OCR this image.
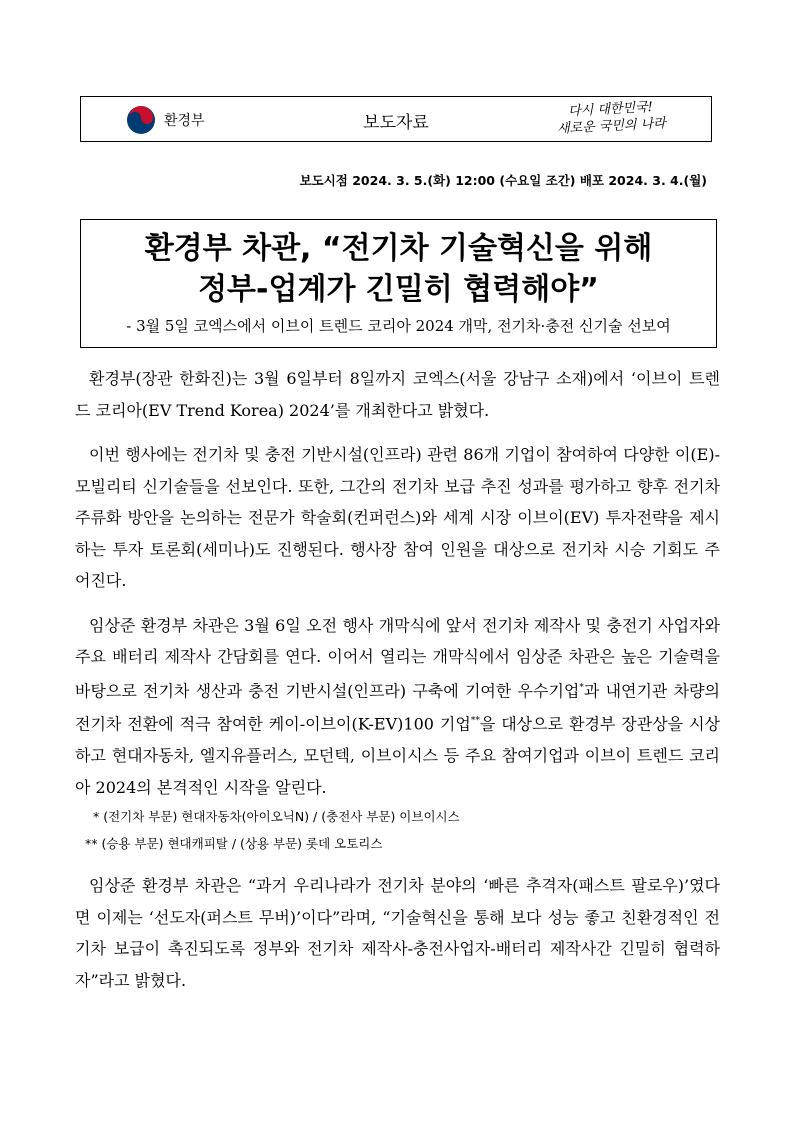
환경부	보도자료
다시 대한민국!
새로운 국민의 나라
보도시점 2024. 3. 5.(화) 12:00 (수요일 조간) 배포 2024. 3. 4.(월)
환경부 차관, “전기차 기술혁신을 위해
정부-업계가 긴밀히 협력해야”
- 3월 5일 코엑스에서 이브이 트렌드 코리아 2024 개막, 전기차·충전 신기술 선보여

환경부(장관 한화진)는 3월 6일부터 8일까지 코엑스(서울 강남구 소재)에서 ‘이브이 트렌드 코리아(EV Trend Korea) 2024’를 개최한다고 밝혔다.

이번 행사에는 전기차 및 충전 기반시설(인프라) 관련 86개 기업이 참여하여 다양한 이(E)-모빌리티 신기술들을 선보인다. 또한, 그간의 전기차 보급 추진 성과를 평가하고 향후 전기차 주류화 방안을 논의하는 전문가 학술회(컨퍼런스)와 세계 시장 이브이(EV) 투자전략을 제시하는 투자 토론회(세미나)도 진행된다. 행사장 참여 인원을 대상으로 전기차 시승 기회도 주어진다.

임상준 환경부 차관은 3월 6일 오전 행사 개막식에 앞서 전기차 제작사 및 충전기 사업자와 주요 배터리 제작사 간담회를 연다. 이어서 열리는 개막식에서 임상준 차관은 높은 기술력을 바탕으로 전기차 생산과 충전 기반시설(인프라) 구축에 기여한 우수기업*과 내연기관 차량의 전기차 전환에 적극 참여한 케이-이브이(K-EV)100 기업**을 대상으로 환경부 장관상을 시상하고 현대자동차, 엘지유플러스, 모던텍, 이브이시스 등 주요 참여기업과 이브이 트렌드 코리아 2024의 본격적인 시작을 알린다.

* (전기차 부문) 현대자동차(아이오닉N) / (충전사 부문) 이브이시스
** (승용 부문) 현대캐피탈 / (상용 부문) 롯데 오토리스

임상준 환경부 차관은 “과거 우리나라가 전기차 분야의 ‘빠른 추격자(패스트 팔로우)’였다면 이제는 ‘선도자(퍼스트 무버)’이다”라며, “기술혁신을 통해 보다 성능 좋고 친환경적인 전기차 보급이 촉진되도록 정부와 전기차 제작사-충전사업자-배터리 제작사간 긴밀히 협력하자”라고 밝혔다.
